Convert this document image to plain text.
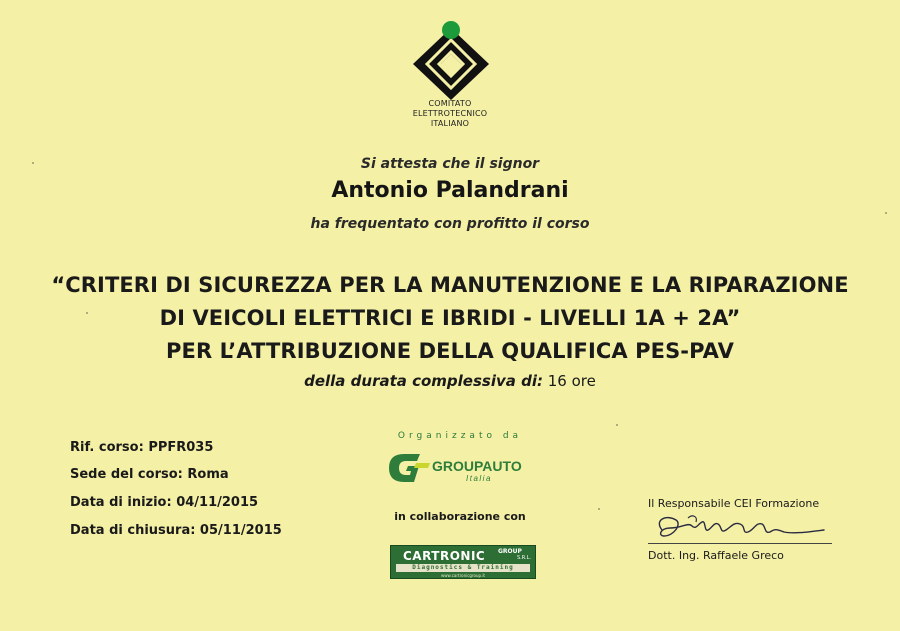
COMITATO
ELETTROTECNICO
ITALIANO
Si attesta che il signor
Antonio Palandrani
ha frequentato con profitto il corso
“CRITERI DI SICUREZZA PER LA MANUTENZIONE E LA RIPARAZIONE
DI VEICOLI ELETTRICI E IBRIDI - LIVELLI 1A + 2A”
PER L’ATTRIBUZIONE DELLA QUALIFICA PES-PAV
della durata complessiva di: 16 ore
Rif. corso: PPFR035
Sede del corso: Roma
Data di inizio: 04/11/2015
Data di chiusura: 05/11/2015
Organizzato da
GROUPAUTO
Italia
in collaborazione con
CARTRONIC GROUP
S.R.L.
Diagnostics & Training
www.cartronicgroup.it
Il Responsabile CEI Formazione
Dott. Ing. Raffaele Greco
